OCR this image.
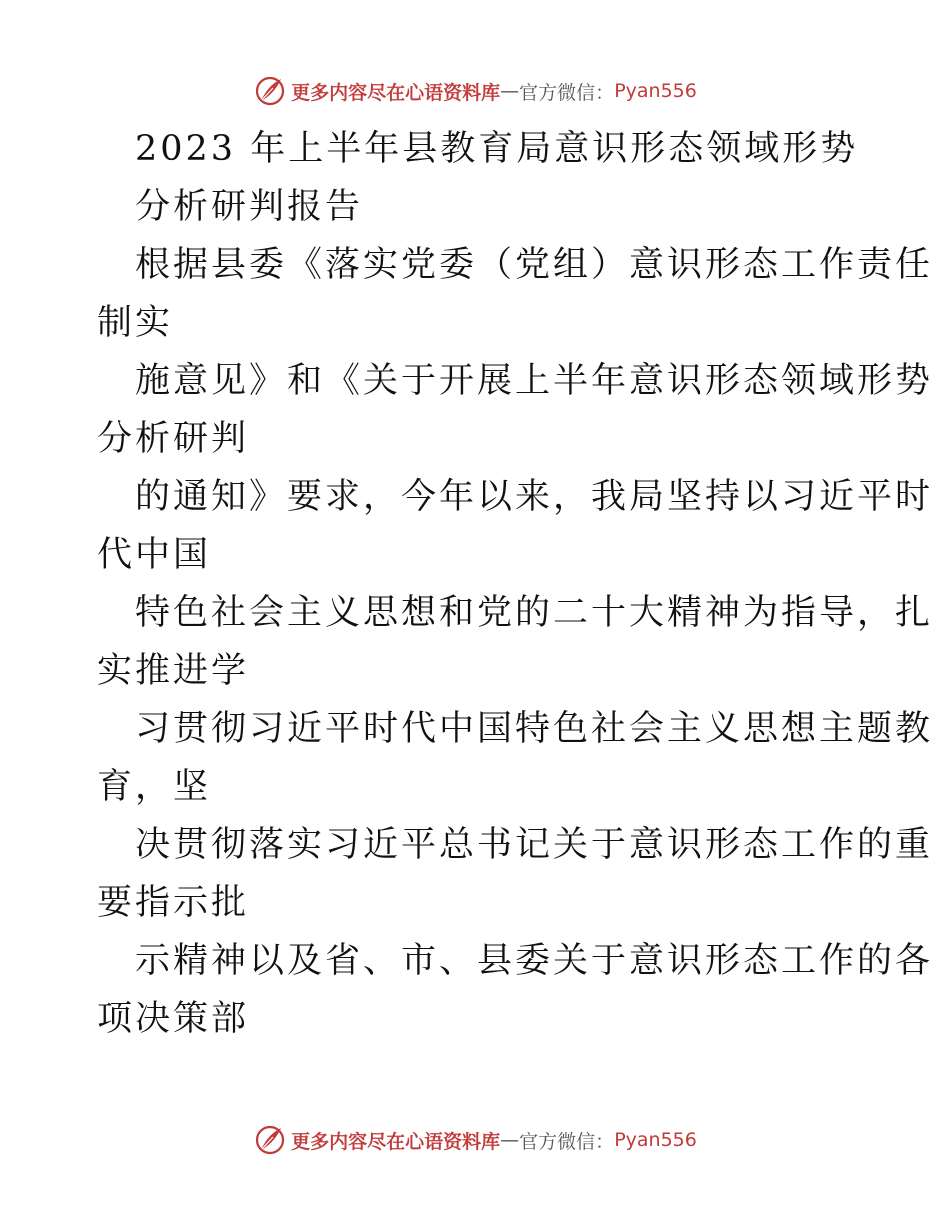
更多内容尽在心语资料库 — 官方微信： Pyan556
2023 年上半年县教育局意识形态领域形势
分析研判报告
根据县委《落实党委（党组）意识形态工作责任
制实
施意见》和《关于开展上半年意识形态领域形势
分析研判
的通知》要求，今年以来，我局坚持以习近平时
代中国
特色社会主义思想和党的二十大精神为指导，扎
实推进学
习贯彻习近平时代中国特色社会主义思想主题教
育，坚
决贯彻落实习近平总书记关于意识形态工作的重
要指示批
示精神以及省、市、县委关于意识形态工作的各
项决策部
更多内容尽在心语资料库 — 官方微信： Pyan556
